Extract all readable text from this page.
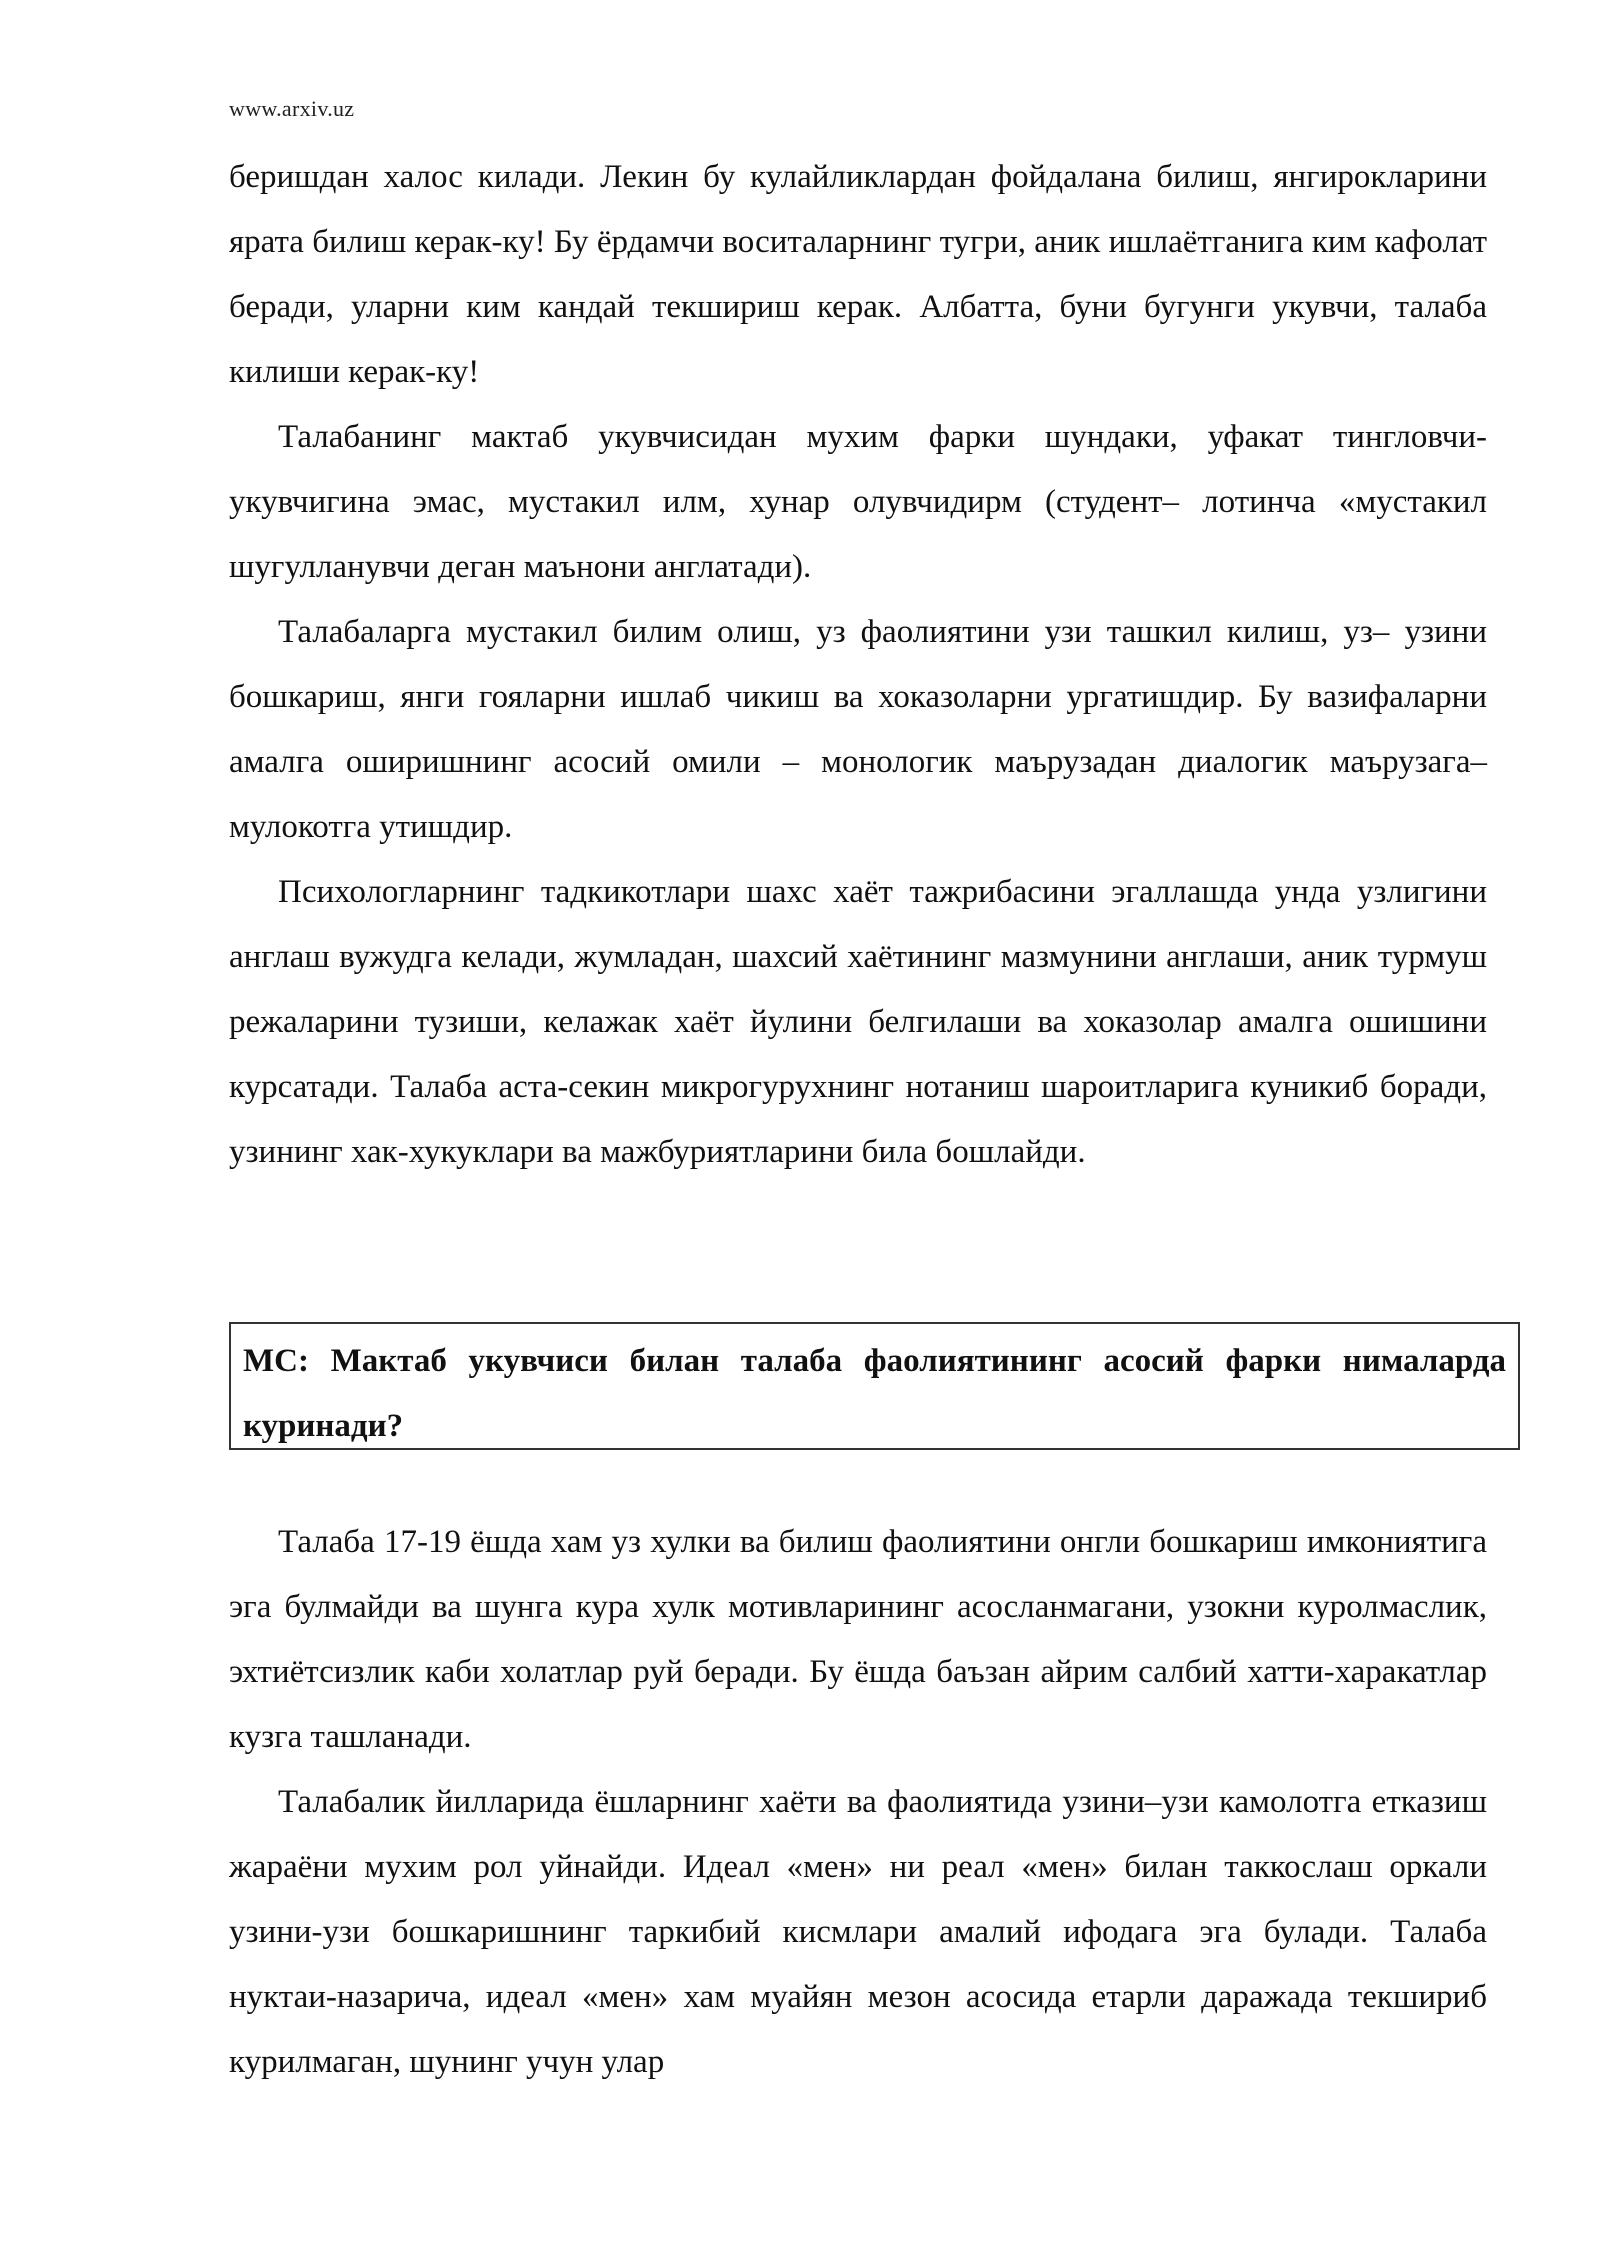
www.arxiv.uz

беришдан халос килади. Лекин бу кулайликлардан фойдалана билиш, янгирокларини ярата билиш керак-ку! Бу ёрдамчи воситаларнинг тугри, аник ишлаётганига ким кафолат беради, уларни ким кандай текшириш керак. Албатта, буни бугунги укувчи, талаба килиши керак-ку!

Талабанинг мактаб укувчисидан мухим фарки шундаки, уфакат тингловчи-укувчигина эмас, мустакил илм, хунар олувчидирм (студент– лотинча «мустакил шугулланувчи деган маънони англатади).

Талабаларга мустакил билим олиш, уз фаолиятини узи ташкил килиш, уз– узини бошкариш, янги гояларни ишлаб чикиш ва хоказоларни ургатишдир. Бу вазифаларни амалга оширишнинг асосий омили – монологик маърузадан диалогик маърузага–мулокотга утишдир.

Психологларнинг тадкикотлари шахс хаёт тажрибасини эгаллашда унда узлигини англаш вужудга келади, жумладан, шахсий хаётининг мазмунини англаши, аник турмуш режаларини тузиши, келажак хаёт йулини белгилаши ва хоказолар амалга ошишини курсатади. Талаба аста-секин микрогурухнинг нотаниш шароитларига куникиб боради, узининг хак-хукуклари ва мажбуриятларини била бошлайди.

МС: Мактаб укувчиси билан талаба фаолиятининг асосий фарки нималарда куринади?

Талаба 17-19 ёшда хам уз хулки ва билиш фаолиятини онгли бошкариш имкониятига эга булмайди ва шунга кура хулк мотивларининг асосланмагани, узокни куролмаслик, эхтиётсизлик каби холатлар руй беради. Бу ёшда баъзан айрим салбий хатти-харакатлар кузга ташланади.

Талабалик йилларида ёшларнинг хаёти ва фаолиятида узини–узи камолотга етказиш жараёни мухим рол уйнайди. Идеал «мен» ни реал «мен» билан таккослаш оркали узини-узи бошкаришнинг таркибий кисмлари амалий ифодага эга булади. Талаба нуктаи-назарича, идеал «мен» хам муайян мезон асосида етарли даражада текшириб курилмаган, шунинг учун улар
